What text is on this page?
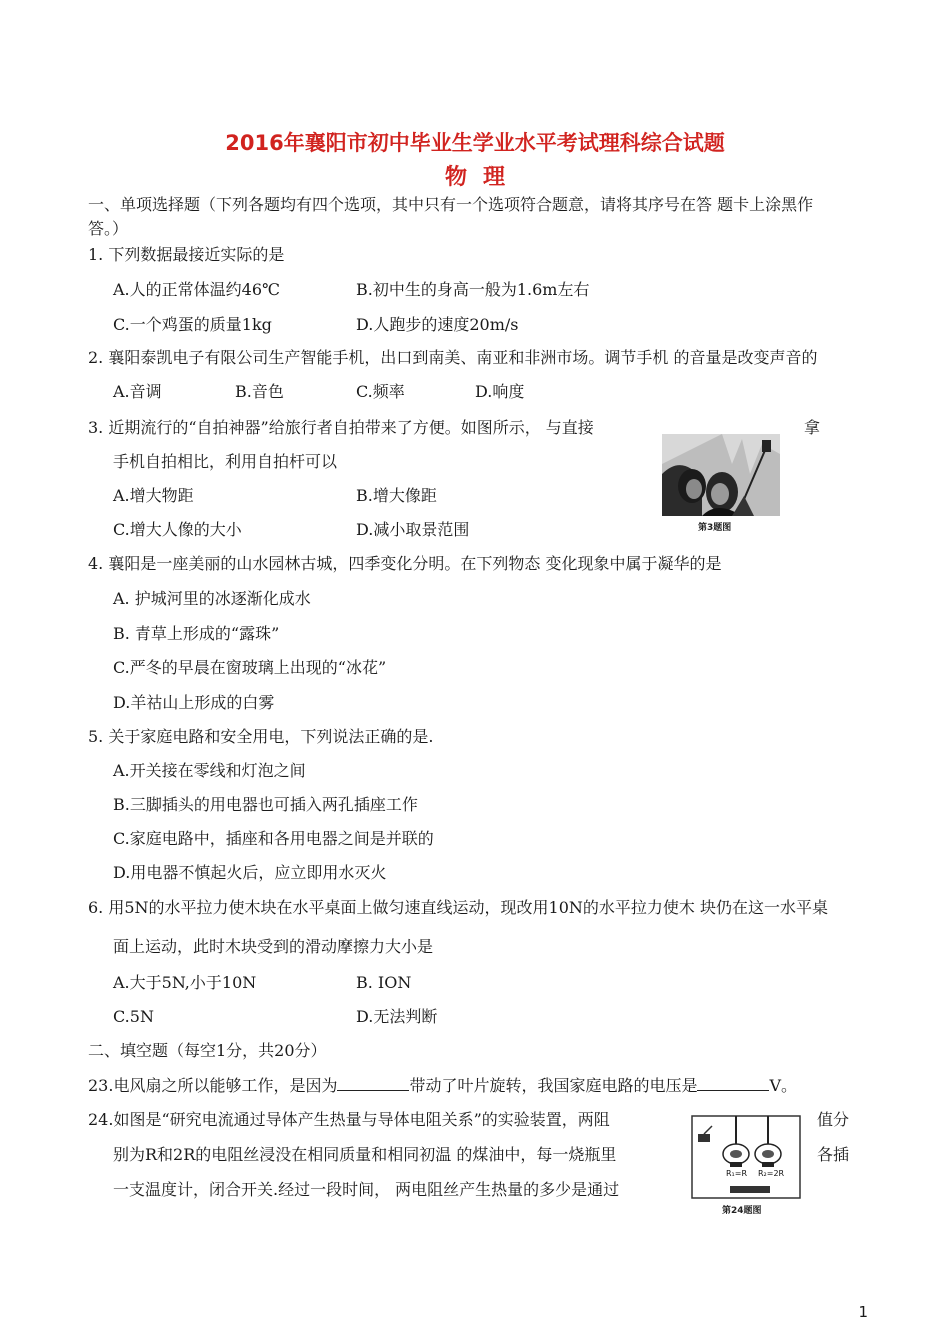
2016年襄阳市初中毕业生学业水平考试理科综合试题
物理
一、单项选择题（下列各题均有四个选项，其中只有一个选项符合题意，请将其序号在答 题卡上涂黑作
答。）
1. 下列数据最接近实际的是
A.人的正常体温约46℃	B.初中生的身高一般为1.6m左右
C.一个鸡蛋的质量1kg	D.人跑步的速度20m/s
2. 襄阳泰凯电子有限公司生产智能手机，出口到南美、南亚和非洲市场。调节手机 的音量是改变声音的
A.音调	B.音色	C.频率	D.响度
3. 近期流行的“自拍神器”给旅行者自拍带来了方便。如图所示， 与直接	拿
手机自拍相比，利用自拍杆可以
A.增大物距	B.增大像距
C.增大人像的大小	D.减小取景范围	第3题图
4. 襄阳是一座美丽的山水园林古城，四季变化分明。在下列物态 变化现象中属于凝华的是
A. 护城河里的冰逐渐化成水
B. 青草上形成的“露珠”
C.严冬的早晨在窗玻璃上出现的“冰花”
D.羊祜山上形成的白雾
5. 关于家庭电路和安全用电，下列说法正确的是.
A.开关接在零线和灯泡之间
B.三脚插头的用电器也可插入两孔插座工作
C.家庭电路中，插座和各用电器之间是并联的
D.用电器不慎起火后，应立即用水灭火
6. 用5N的水平拉力使木块在水平桌面上做匀速直线运动，现改用10N的水平拉力使木 块仍在这一水平桌
面上运动，此时木块受到的滑动摩擦力大小是
A.大于5N,小于10N	B. ION
C.5N	D.无法判断
二、填空题（每空1分，共20分）
23.电风扇之所以能够工作，是因为	带动了叶片旋转，我国家庭电路的电压是	V。
24.如图是“研究电流通过导体产生热量与导体电阻关系”的实验装置，两阻	值分
别为R和2R的电阻丝浸没在相同质量和相同初温 的煤油中，每一烧瓶里	各插
一支温度计，闭合开关.经过一段时间， 两电阻丝产生热量的多少是通过
R₁=R R₂=2R
第24题图
1
